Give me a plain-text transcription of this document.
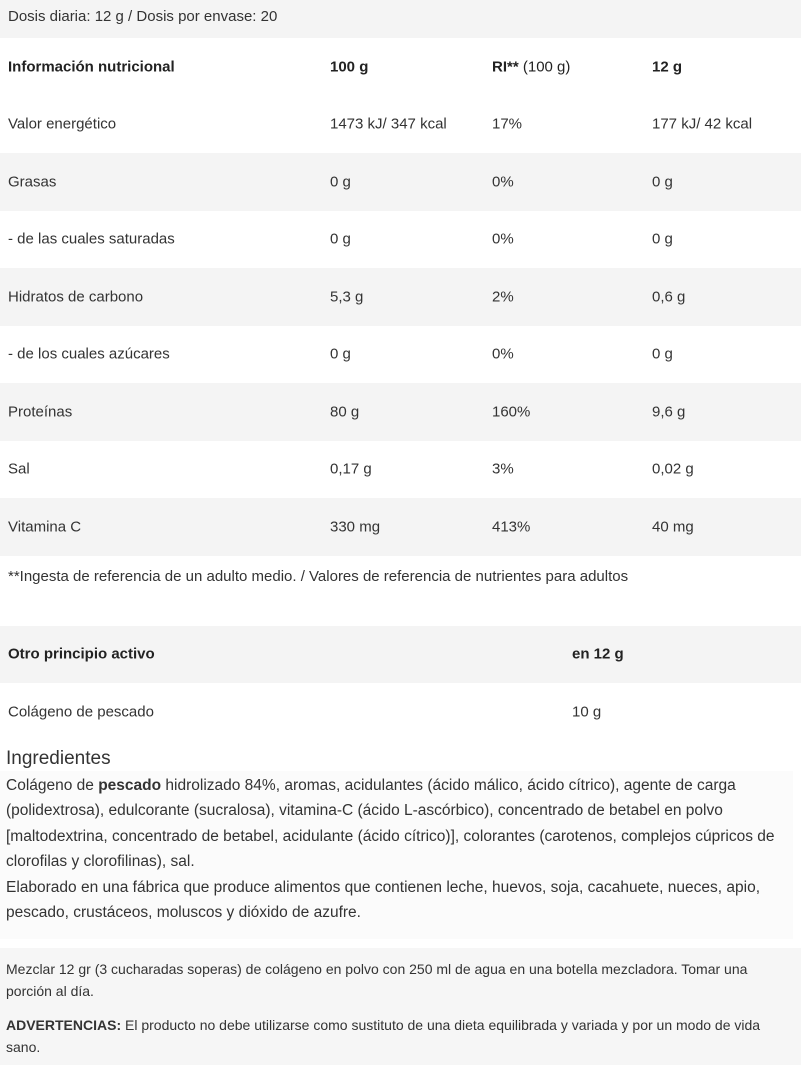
Dosis diaria: 12 g / Dosis por envase: 20
Información nutricional	100 g	RI** (100 g)	12 g
Valor energético	1473 kJ/ 347 kcal	17%	177 kJ/ 42 kcal
Grasas	0 g	0%	0 g
- de las cuales saturadas	0 g	0%	0 g
Hidratos de carbono	5,3 g	2%	0,6 g
- de los cuales azúcares	0 g	0%	0 g
Proteínas	80 g	160%	9,6 g
Sal	0,17 g	3%	0,02 g
Vitamina C	330 mg	413%	40 mg
**Ingesta de referencia de un adulto medio. / Valores de referencia de nutrientes para adultos
Otro principio activo	en 12 g
Colágeno de pescado	10 g
Ingredientes
Colágeno de pescado hidrolizado 84%, aromas, acidulantes (ácido málico, ácido cítrico), agente de carga (polidextrosa), edulcorante (sucralosa), vitamina-C (ácido L-ascórbico), concentrado de betabel en polvo [maltodextrina, concentrado de betabel, acidulante (ácido cítrico)], colorantes (carotenos, complejos cúpricos de clorofilas y clorofilinas), sal.
Elaborado en una fábrica que produce alimentos que contienen leche, huevos, soja, cacahuete, nueces, apio, pescado, crustáceos, moluscos y dióxido de azufre.

Mezclar 12 gr (3 cucharadas soperas) de colágeno en polvo con 250 ml de agua en una botella mezcladora. Tomar una porción al día.

ADVERTENCIAS: El producto no debe utilizarse como sustituto de una dieta equilibrada y variada y por un modo de vida sano.
